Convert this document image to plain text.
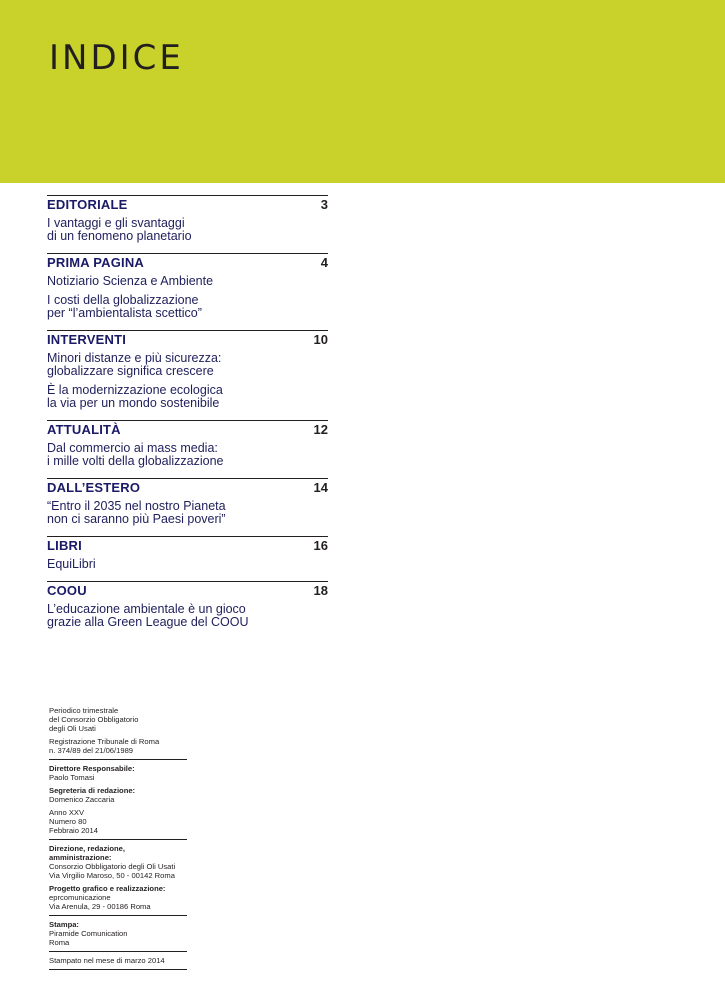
INDICE
EDITORIALE	3
I vantaggi e gli svantaggi
di un fenomeno planetario
PRIMA PAGINA	4
Notiziario Scienza e Ambiente
I costi della globalizzazione
per “l’ambientalista scettico”
INTERVENTI	10
Minori distanze e più sicurezza:
globalizzare significa crescere
È la modernizzazione ecologica
la via per un mondo sostenibile
ATTUALITÀ	12
Dal commercio ai mass media:
i mille volti della globalizzazione
DALL’ESTERO	14
“Entro il 2035 nel nostro Pianeta
non ci saranno più Paesi poveri”
LIBRI	16
EquiLibri
COOU	18
L’educazione ambientale è un gioco
grazie alla Green League del COOU
Periodico trimestrale
del Consorzio Obbligatorio
degli Oli Usati
Registrazione Tribunale di Roma
n. 374/89 del 21/06/1989
Direttore Responsabile:
Paolo Tomasi
Segreteria di redazione:
Domenico Zaccaria
Anno XXV
Numero 80
Febbraio 2014
Direzione, redazione, amministrazione:
Consorzio Obbligatorio degli Oli Usati
Via Virgilio Maroso, 50 - 00142 Roma
Progetto grafico e realizzazione:
eprcomunicazione
Via Arenula, 29 - 00186 Roma
Stampa:
Piramide Comunication
Roma
Stampato nel mese di marzo 2014
